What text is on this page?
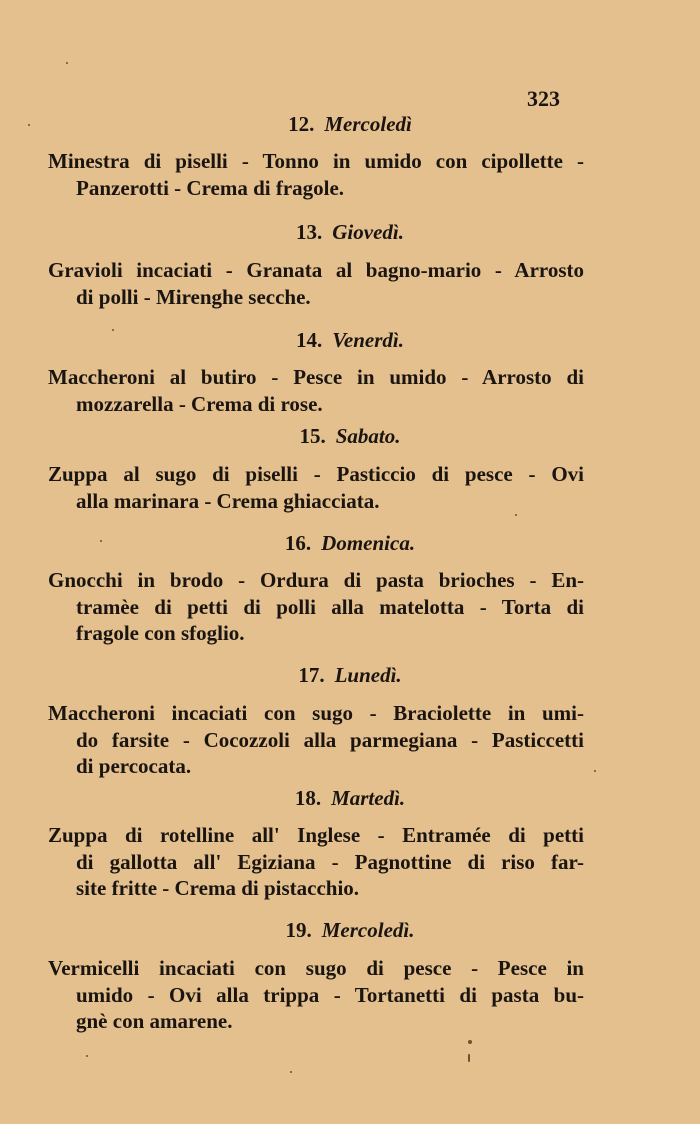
323
12. Mercoledì
Minestra di piselli - Tonno in umido con cipollette -
Panzerotti - Crema di fragole.
13. Giovedì.
Gravioli incaciati - Granata al bagno-mario - Arrosto
di polli - Mirenghe secche.
14. Venerdì.
Maccheroni al butiro - Pesce in umido - Arrosto di
mozzarella - Crema di rose.
15. Sabato.
Zuppa al sugo di piselli - Pasticcio di pesce - Ovi
alla marinara - Crema ghiacciata.
16. Domenica.
Gnocchi in brodo - Ordura di pasta brioches - En-
tramèe di petti di polli alla matelotta - Torta di
fragole con sfoglio.
17. Lunedì.
Maccheroni incaciati con sugo - Braciolette in umi-
do farsite - Cocozzoli alla parmegiana - Pasticcetti
di percocata.
18. Martedì.
Zuppa di rotelline all' Inglese - Entramée di petti
di gallotta all' Egiziana - Pagnottine di riso far-
site fritte - Crema di pistacchio.
19. Mercoledì.
Vermicelli incaciati con sugo di pesce - Pesce in
umido - Ovi alla trippa - Tortanetti di pasta bu-
gnè con amarene.
